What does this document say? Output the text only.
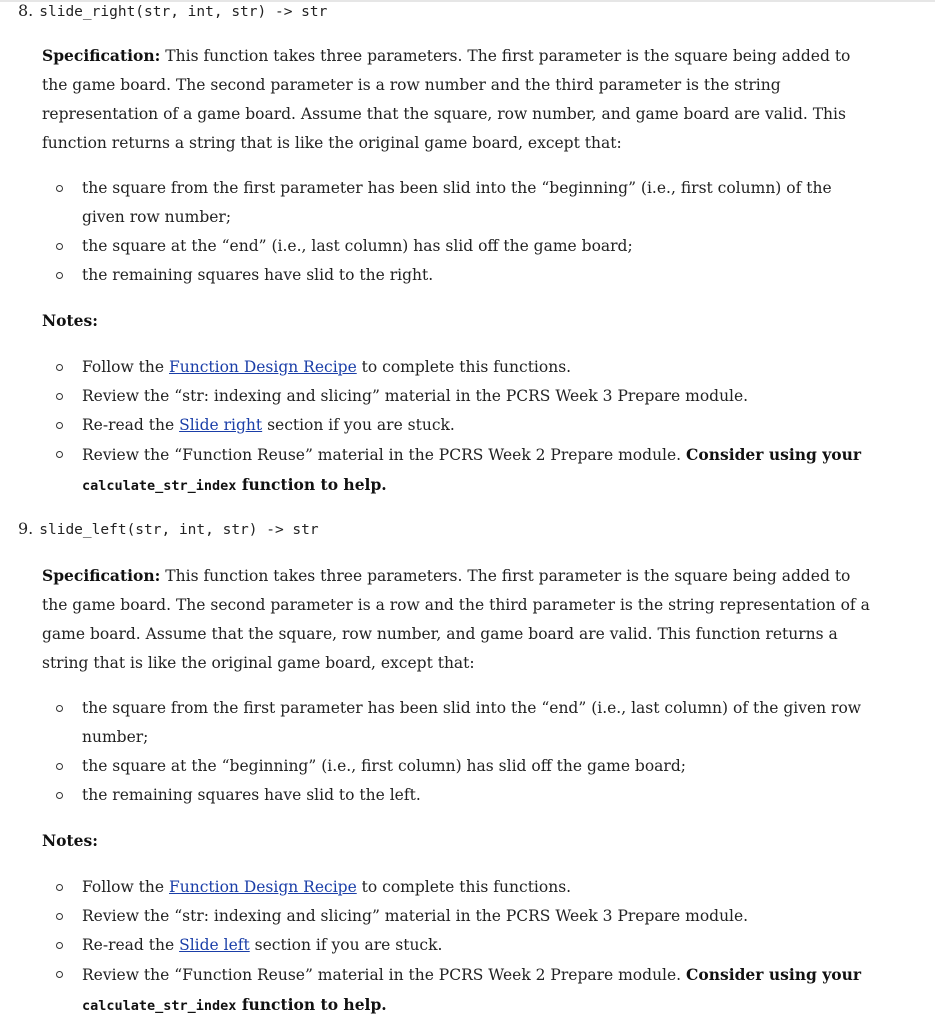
8. slide_right(str, int, str) -> str
Specification: This function takes three parameters. The first parameter is the square being added to the game board. The second parameter is a row number and the third parameter is the string representation of a game board. Assume that the square, row number, and game board are valid. This function returns a string that is like the original game board, except that:
the square from the first parameter has been slid into the “beginning” (i.e., first column) of the given row number;
the square at the “end” (i.e., last column) has slid off the game board;
the remaining squares have slid to the right.
Notes:
Follow the Function Design Recipe to complete this functions.
Review the “str: indexing and slicing” material in the PCRS Week 3 Prepare module.
Re-read the Slide right section if you are stuck.
Review the “Function Reuse” material in the PCRS Week 2 Prepare module. Consider using your
calculate_str_index function to help.
9. slide_left(str, int, str) -> str
Specification: This function takes three parameters. The first parameter is the square being added to the game board. The second parameter is a row and the third parameter is the string representation of a game board. Assume that the square, row number, and game board are valid. This function returns a string that is like the original game board, except that:
the square from the first parameter has been slid into the “end” (i.e., last column) of the given row number;
the square at the “beginning” (i.e., first column) has slid off the game board;
the remaining squares have slid to the left.
Notes:
Follow the Function Design Recipe to complete this functions.
Review the “str: indexing and slicing” material in the PCRS Week 3 Prepare module.
Re-read the Slide left section if you are stuck.
Review the “Function Reuse” material in the PCRS Week 2 Prepare module. Consider using your
calculate_str_index function to help.
